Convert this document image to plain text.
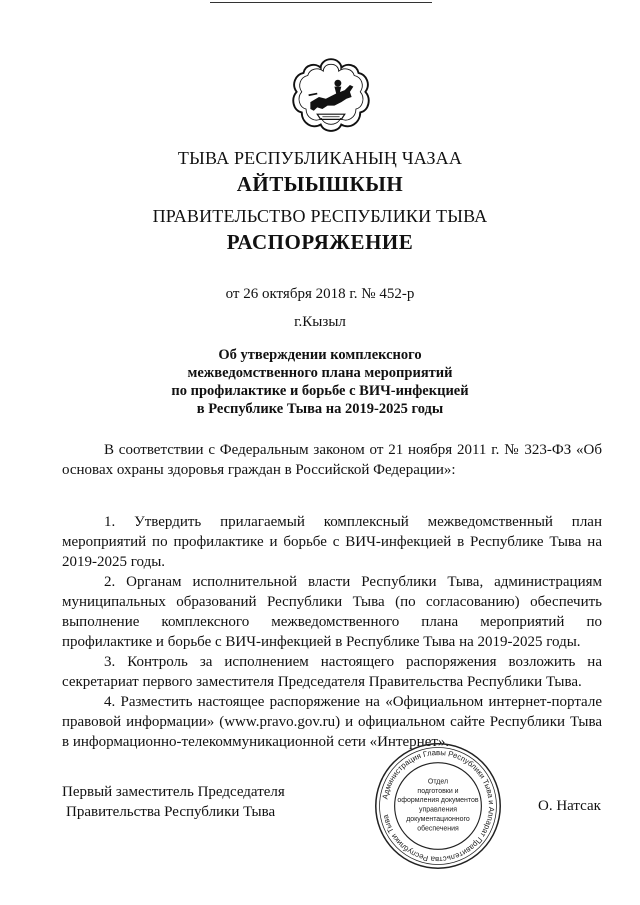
ТЫВА РЕСПУБЛИКАНЫҢ ЧАЗАА
АЙТЫЫШКЫН
ПРАВИТЕЛЬСТВО РЕСПУБЛИКИ ТЫВА
РАСПОРЯЖЕНИЕ
от 26 октября 2018 г. № 452-р
г.Кызыл
Об утверждении комплексного
межведомственного плана мероприятий
по профилактике и борьбе с ВИЧ-инфекцией
в Республике Тыва на 2019-2025 годы

В соответствии с Федеральным законом от 21 ноября 2011 г. № 323-ФЗ «Об основах охраны здоровья граждан в Российской Федерации»:

1. Утвердить прилагаемый комплексный межведомственный план мероприятий по профилактике и борьбе с ВИЧ-инфекцией в Республике Тыва на 2019-2025 годы.

2. Органам исполнительной власти Республики Тыва, администрациям муниципальных образований Республики Тыва (по согласованию) обеспечить выполнение комплексного межведомственного плана мероприятий по профилактике и борьбе с ВИЧ-инфекцией в Республике Тыва на 2019-2025 годы.

3. Контроль за исполнением настоящего распоряжения возложить на секретариат первого заместителя Председателя Правительства Республики Тыва.

4. Разместить настоящее распоряжение на «Официальном интернет-портале правовой информации» (www.pravo.gov.ru) и официальном сайте Республики Тыва в информационно-телекоммуникационной сети «Интернет».

Первый заместитель Председателя
Правительства Республики Тыва
Администрация Главы Республики Тыва и Аппарат Правительства Республики Тыва
Отдел
подготовки и
оформления документов
управления
документационного
обеспечения
О. Натсак
